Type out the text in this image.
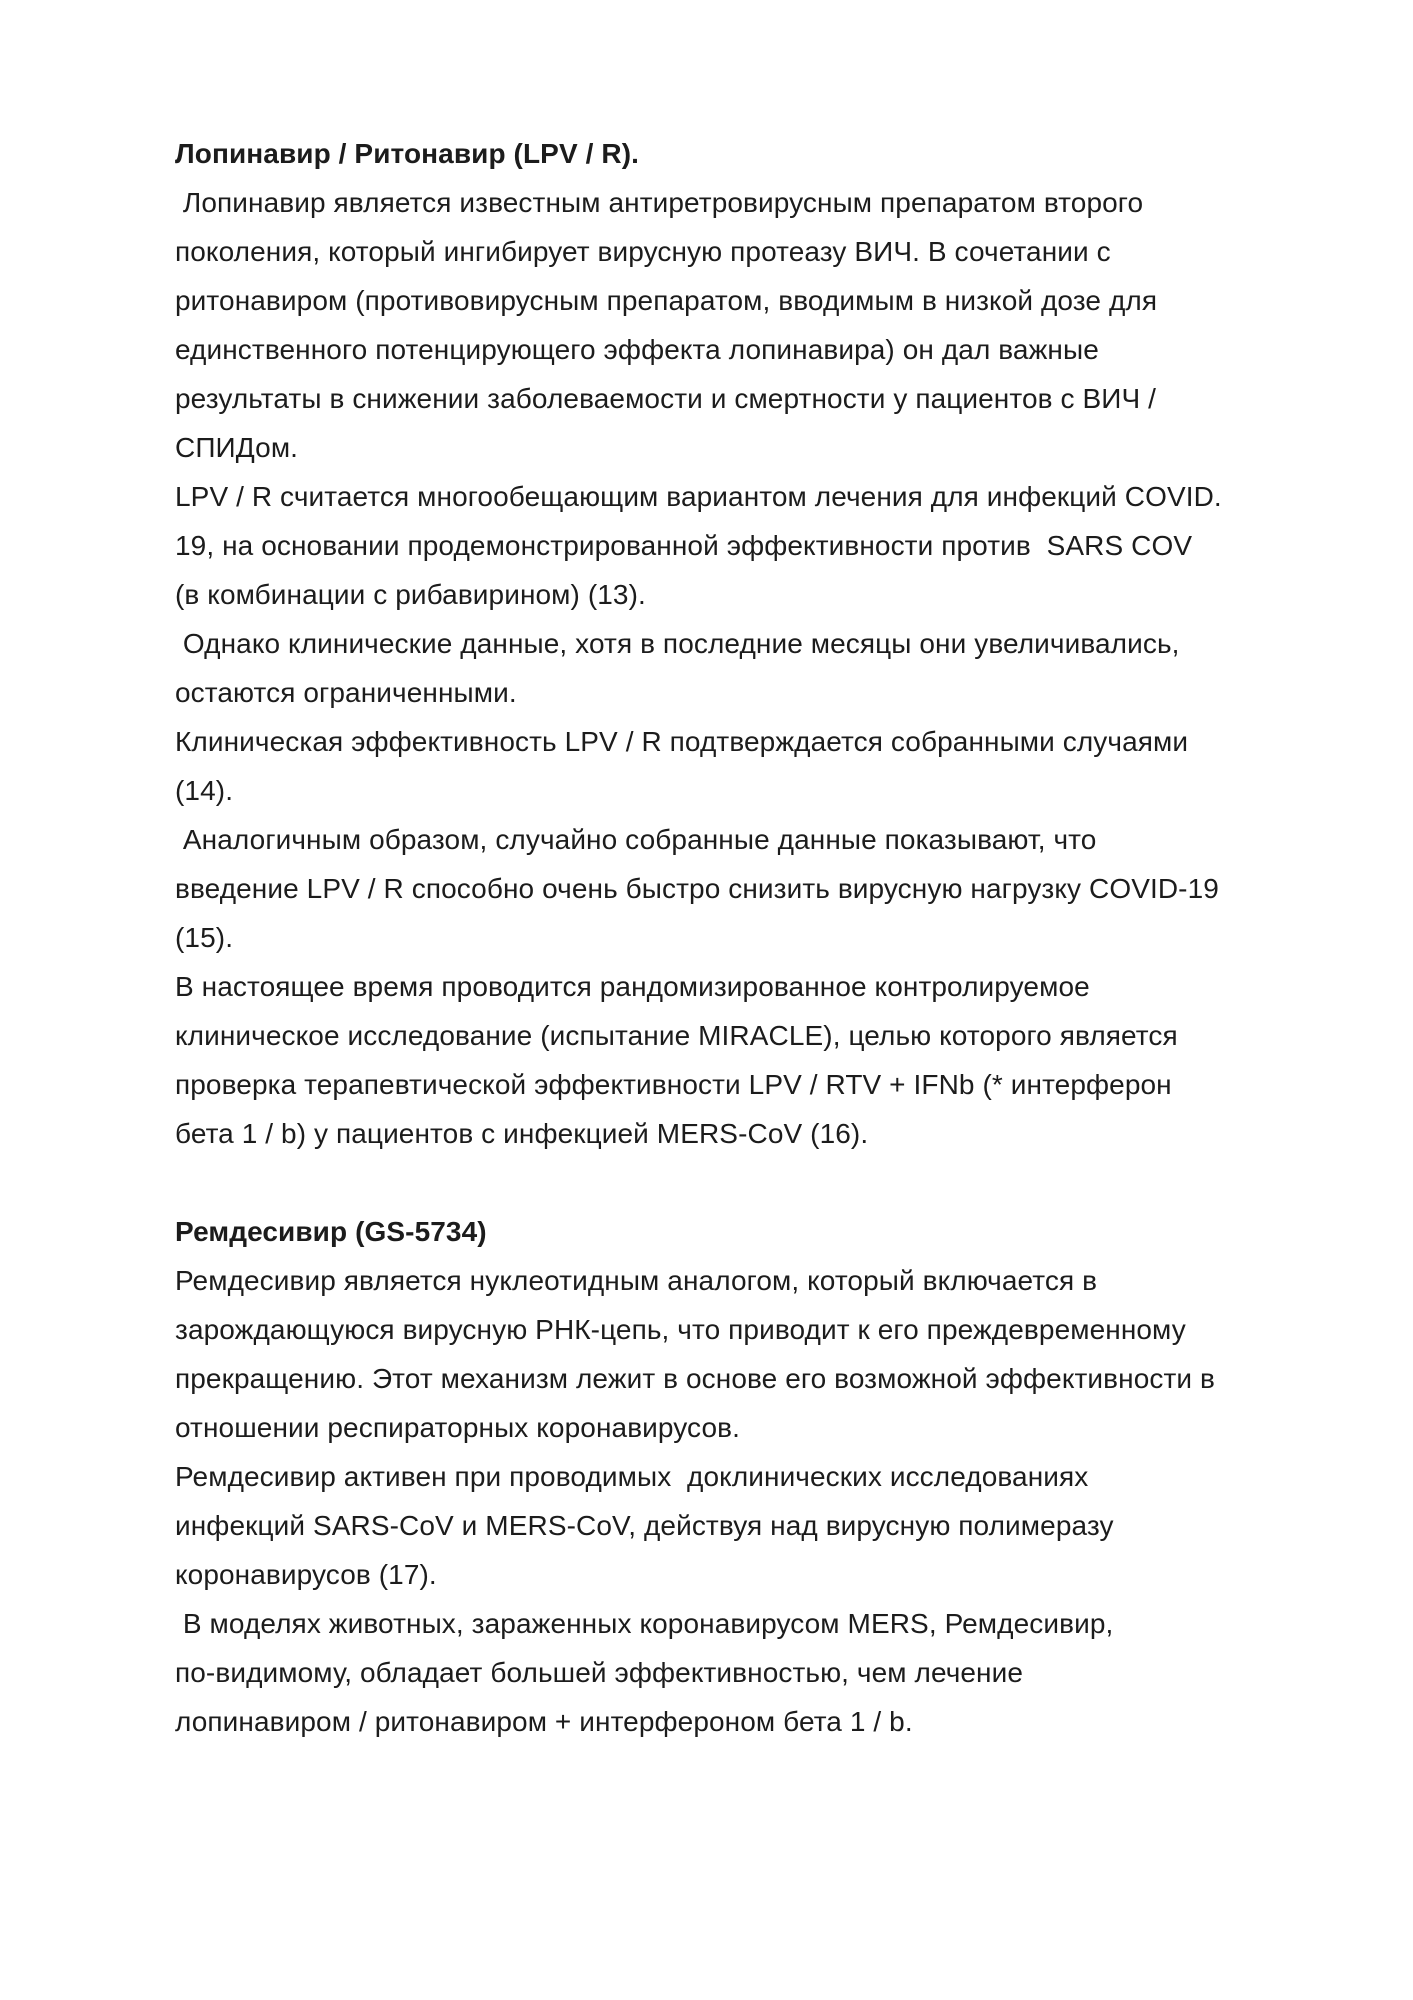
Лопинавир / Ритонавир (LPV / R).
Лопинавир является известным антиретровирусным препаратом второго
поколения, который ингибирует вирусную протеазу ВИЧ. В сочетании с
ритонавиром (противовирусным препаратом, вводимым в низкой дозе для
единственного потенцирующего эффекта лопинавира) он дал важные
результаты в снижении заболеваемости и смертности у пациентов с ВИЧ /
СПИДом.
LPV / R считается многообещающим вариантом лечения для инфекций COVID.
19, на основании продемонстрированной эффективности против  SARS COV
(в комбинации с рибавирином) (13).
Однако клинические данные, хотя в последние месяцы они увеличивались,
остаются ограниченными.
Клиническая эффективность LPV / R подтверждается собранными случаями
(14).
Аналогичным образом, случайно собранные данные показывают, что
введение LPV / R способно очень быстро снизить вирусную нагрузку COVID-19
(15).
В настоящее время проводится рандомизированное контролируемое
клиническое исследование (испытание MIRACLE), целью которого является
проверка терапевтической эффективности LPV / RTV + IFNb (* интерферон
бета 1 / b) у пациентов с инфекцией MERS-CoV (16).
Ремдесивир (GS-5734)
Ремдесивир является нуклеотидным аналогом, который включается в
зарождающуюся вирусную РНК-цепь, что приводит к его преждевременному
прекращению. Этот механизм лежит в основе его возможной эффективности в
отношении респираторных коронавирусов.
Ремдесивир активен при проводимых  доклинических исследованиях
инфекций SARS-CoV и MERS-CoV, действуя над вирусную полимеразу
коронавирусов (17).
В моделях животных, зараженных коронавирусом MERS, Ремдесивир,
по-видимому, обладает большей эффективностью, чем лечение
лопинавиром / ритонавиром + интерфероном бета 1 / b.
